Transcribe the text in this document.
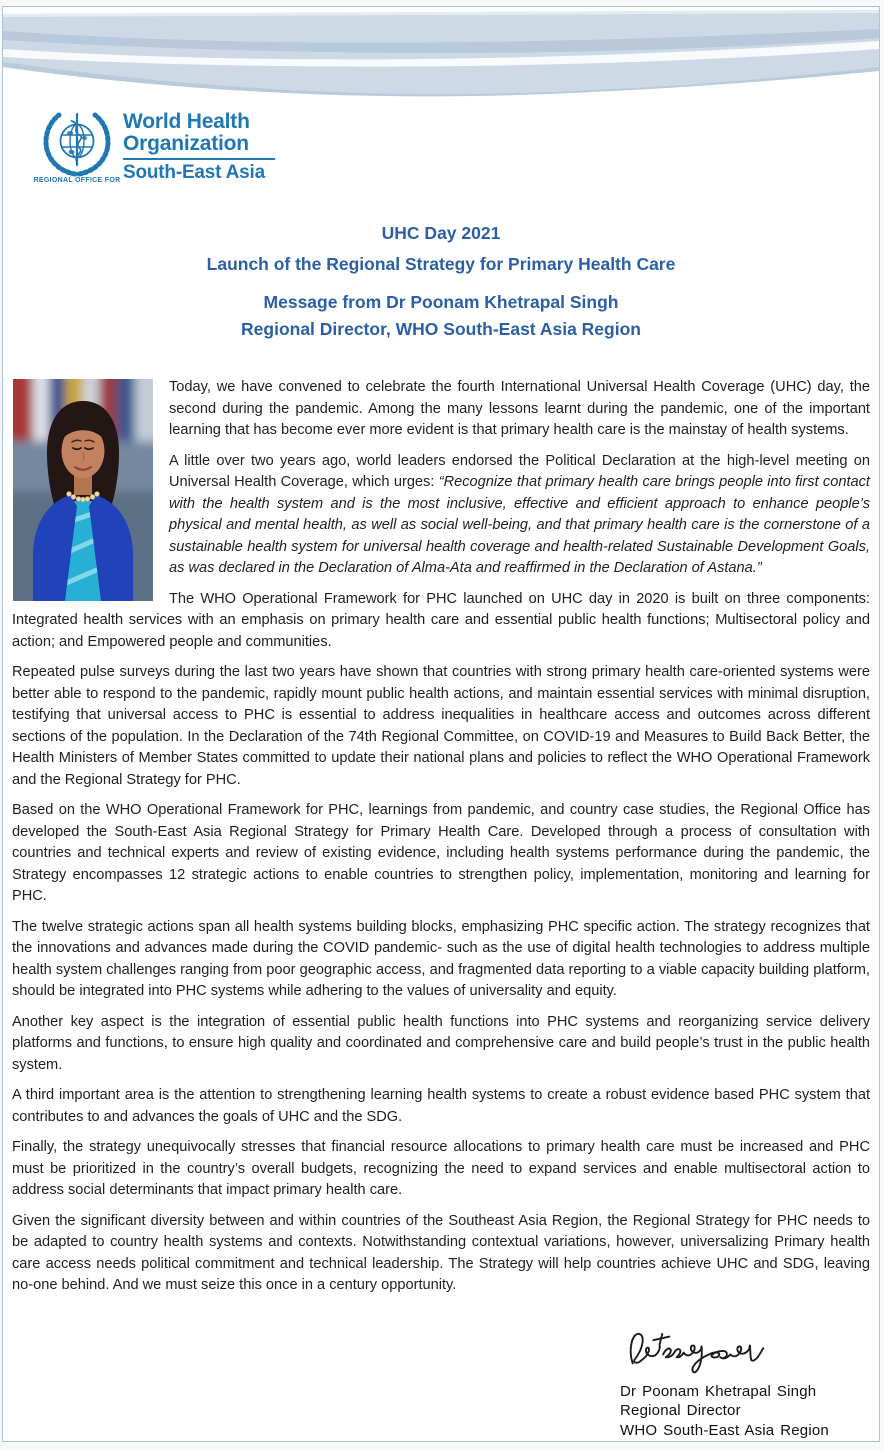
REGIONAL OFFICE FOR
World Health
Organization
South-East Asia
UHC Day 2021
Launch of the Regional Strategy for Primary Health Care
Message from Dr Poonam Khetrapal Singh
Regional Director, WHO South-East Asia Region

Today, we have convened to celebrate the fourth International Universal Health Coverage (UHC) day, the second during the pandemic. Among the many lessons learnt during the pandemic, one of the important learning that has become ever more evident is that primary health care is the mainstay of health systems.

A little over two years ago, world leaders endorsed the Political Declaration at the high-level meeting on Universal Health Coverage, which urges: “Recognize that primary health care brings people into first contact with the health system and is the most inclusive, effective and efficient approach to enhance people’s physical and mental health, as well as social well-being, and that primary health care is the cornerstone of a sustainable health system for universal health coverage and health-related Sustainable Development Goals, as was declared in the Declaration of Alma-Ata and reaffirmed in the Declaration of Astana.”

The WHO Operational Framework for PHC launched on UHC day in 2020 is built on three components: Integrated health services with an emphasis on primary health care and essential public health functions; Multisectoral policy and action; and Empowered people and communities.

Repeated pulse surveys during the last two years have shown that countries with strong primary health care-oriented systems were better able to respond to the pandemic, rapidly mount public health actions, and maintain essential services with minimal disruption, testifying that universal access to PHC is essential to address inequalities in healthcare access and outcomes across different sections of the population. In the Declaration of the 74th Regional Committee, on COVID-19 and Measures to Build Back Better, the Health Ministers of Member States committed to update their national plans and policies to reflect the WHO Operational Framework and the Regional Strategy for PHC.

Based on the WHO Operational Framework for PHC, learnings from pandemic, and country case studies, the Regional Office has developed the South-East Asia Regional Strategy for Primary Health Care. Developed through a process of consultation with countries and technical experts and review of existing evidence, including health systems performance during the pandemic, the Strategy encompasses 12 strategic actions to enable countries to strengthen policy, implementation, monitoring and learning for PHC.

The twelve strategic actions span all health systems building blocks, emphasizing PHC specific action. The strategy recognizes that the innovations and advances made during the COVID pandemic- such as the use of digital health technologies to address multiple health system challenges ranging from poor geographic access, and fragmented data reporting to a viable capacity building platform, should be integrated into PHC systems while adhering to the values of universality and equity.

Another key aspect is the integration of essential public health functions into PHC systems and reorganizing service delivery platforms and functions, to ensure high quality and coordinated and comprehensive care and build people’s trust in the public health system.

A third important area is the attention to strengthening learning health systems to create a robust evidence based PHC system that contributes to and advances the goals of UHC and the SDG.

Finally, the strategy unequivocally stresses that financial resource allocations to primary health care must be increased and PHC must be prioritized in the country’s overall budgets, recognizing the need to expand services and enable multisectoral action to address social determinants that impact primary health care.

Given the significant diversity between and within countries of the Southeast Asia Region, the Regional Strategy for PHC needs to be adapted to country health systems and contexts. Notwithstanding contextual variations, however, universalizing Primary health care access needs political commitment and technical leadership. The Strategy will help countries achieve UHC and SDG, leaving no-one behind. And we must seize this once in a century opportunity.

Dr Poonam Khetrapal Singh
Regional Director
WHO South-East Asia Region
